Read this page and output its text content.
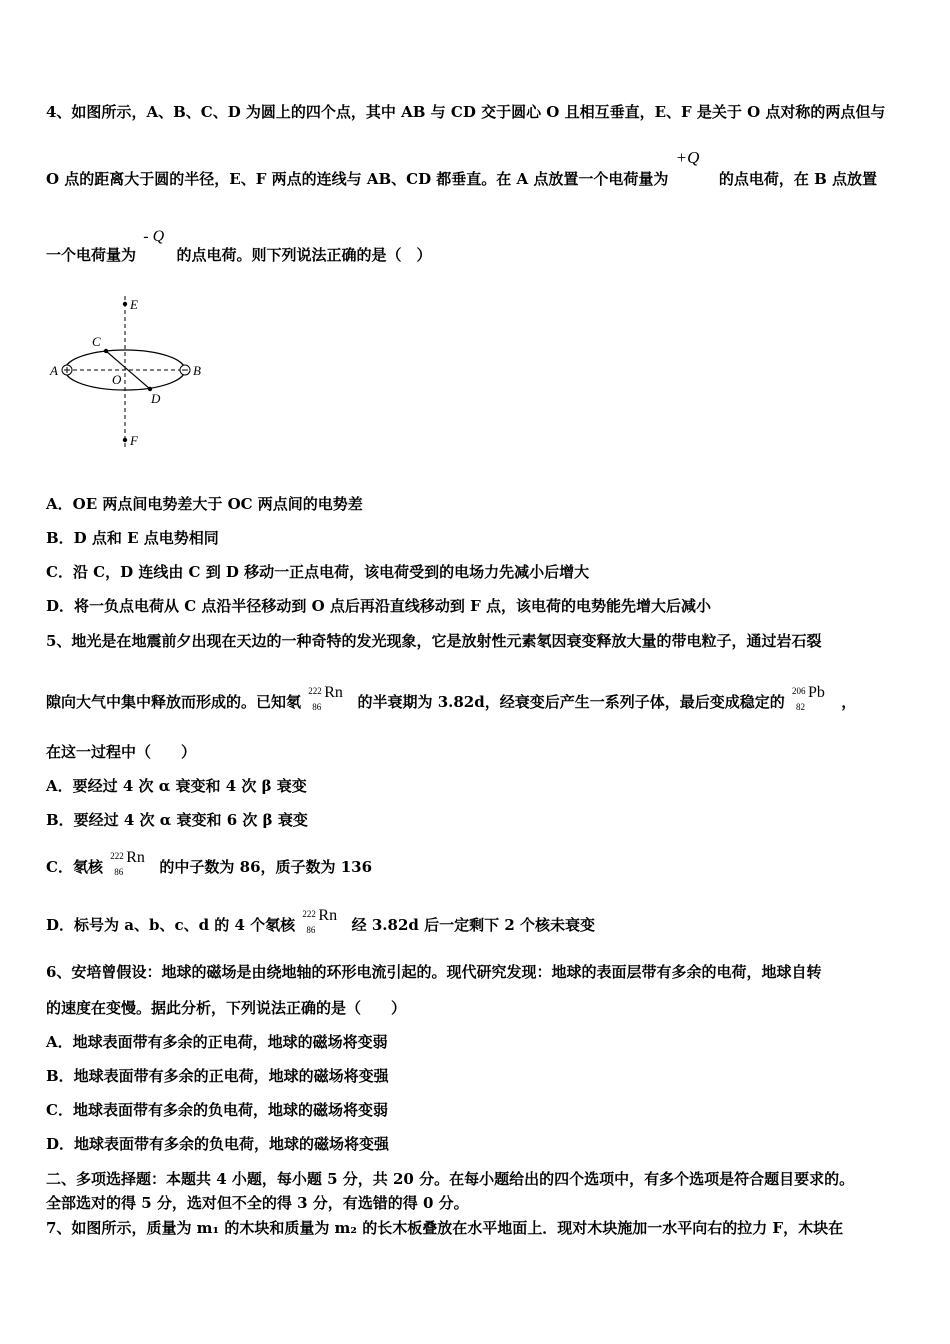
4、如图所示，A、B、C、D 为圆上的四个点，其中 AB 与 CD 交于圆心 O 且相互垂直，E、F 是关于 O 点对称的两点但与
O 点的距离大于圆的半径，E、F 两点的连线与 AB、CD 都垂直。在 A 点放置一个电荷量为
+Q
的点电荷，在 B 点放置
一个电荷量为
- Q
的点电荷。则下列说法正确的是（　）
E
C
A
O
B
D
F
A．OE 两点间电势差大于 OC 两点间的电势差
B．D 点和 E 点电势相同
C．沿 C，D 连线由 C 到 D 移动一正点电荷，该电荷受到的电场力先减小后增大
D．将一负点电荷从 C 点沿半径移动到 O 点后再沿直线移动到 F 点，该电荷的电势能先增大后减小
5、地光是在地震前夕出现在天边的一种奇特的发光现象，它是放射性元素氡因衰变释放大量的带电粒子，通过岩石裂
隙向大气中集中释放而形成的。已知氡
222
86
Rn
的半衰期为 3.82d，经衰变后产生一系列子体，最后变成稳定的
206
82
Pb
，
在这一过程中（　　）
A．要经过 4 次 α 衰变和 4 次 β 衰变
B．要经过 4 次 α 衰变和 6 次 β 衰变
C．氡核
222
86
Rn
的中子数为 86，质子数为 136
D．标号为 a、b、c、d 的 4 个氡核
222
86
Rn
经 3.82d 后一定剩下 2 个核未衰变
6、安培曾假设：地球的磁场是由绕地轴的环形电流引起的。现代研究发现：地球的表面层带有多余的电荷，地球自转
的速度在变慢。据此分析，下列说法正确的是（　　）
A．地球表面带有多余的正电荷，地球的磁场将变弱
B．地球表面带有多余的正电荷，地球的磁场将变强
C．地球表面带有多余的负电荷，地球的磁场将变弱
D．地球表面带有多余的负电荷，地球的磁场将变强
二、多项选择题：本题共 4 小题，每小题 5 分，共 20 分。在每小题给出的四个选项中，有多个选项是符合题目要求的。
全部选对的得 5 分，选对但不全的得 3 分，有选错的得 0 分。
7、如图所示，质量为 m₁ 的木块和质量为 m₂ 的长木板叠放在水平地面上．现对木块施加一水平向右的拉力 F，木块在
